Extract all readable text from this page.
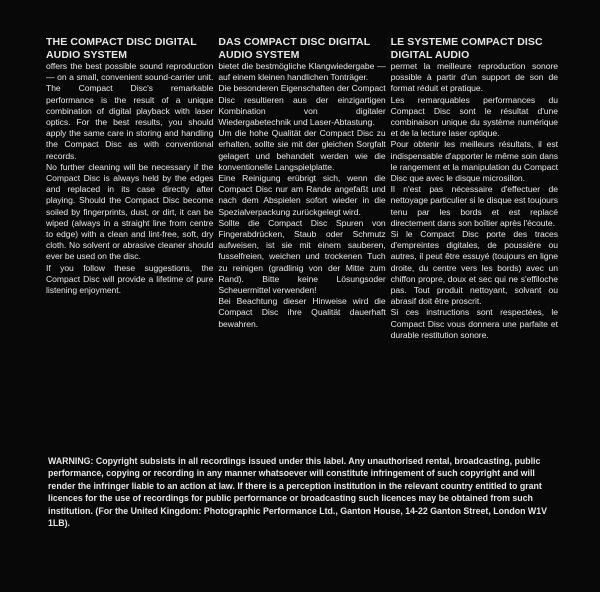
THE COMPACT DISC DIGITAL AUDIO SYSTEM

offers the best possible sound reproduction — on a small, convenient sound-carrier unit. The Compact Disc's remarkable performance is the result of a unique combination of digital playback with laser optics. For the best results, you should apply the same care in storing and handling the Compact Disc as with conventional records.

No further cleaning will be necessary if the Compact Disc is always held by the edges and replaced in its case directly after playing. Should the Compact Disc become soiled by fingerprints, dust, or dirt, it can be wiped (always in a straight line from centre to edge) with a clean and lint-free, soft, dry cloth. No solvent or abrasive cleaner should ever be used on the disc.

If you follow these suggestions, the Compact Disc will provide a lifetime of pure listening enjoyment.

DAS COMPACT DISC DIGITAL AUDIO SYSTEM

bietet die bestmögliche Klangwiedergabe — auf einem kleinen handlichen Tonträger.

Die besonderen Eigenschaften der Compact Disc resultieren aus der einzigartigen Kombination von digitaler Wiedergabetechnik und Laser-Abtastung.

Um die hohe Qualität der Compact Disc zu erhalten, sollte sie mit der gleichen Sorgfalt gelagert und behandelt werden wie die konventionelle Langspielplatte.

Eine Reinigung erübrigt sich, wenn die Compact Disc nur am Rande angefaßt und nach dem Abspielen sofort wieder in die Spezialverpackung zurückgelegt wird.

Sollte die Compact Disc Spuren von Fingerabdrücken, Staub oder Schmutz aufweisen, ist sie mit einem sauberen, fusselfreien, weichen und trockenen Tuch zu reinigen (gradlinig von der Mitte zum Rand). Bitte keine Lösungsoder Scheuermittel verwenden!

Bei Beachtung dieser Hinweise wird die Compact Disc ihre Qualität dauerhaft bewahren.

LE SYSTEME COMPACT DISC DIGITAL AUDIO

permet la meilleure reproduction sonore possible à partir d'un support de son de format réduit et pratique.

Les remarquables performances du Compact Disc sont le résultat d'une combinaison unique du système numérique et de la lecture laser optique.

Pour obtenir les meilleurs résultats, il est indispensable d'apporter le même soin dans le rangement et la manipulation du Compact Disc que avec le disque microsillon.

Il n'est pas nécessaire d'effectuer de nettoyage particulier si le disque est toujours tenu par les bords et est replacé directement dans son boîtier après l'écoute.

Si le Compact Disc porte des traces d'empreintes digitales, de poussière ou autres, il peut être essuyé (toujours en ligne droite, du centre vers les bords) avec un chiffon propre, doux et sec qui ne s'effiloche pas. Tout produit nettoyant, solvant ou abrasif doit être proscrit.

Si ces instructions sont respectées, le Compact Disc vous donnera une parfaite et durable restitution sonore.

WARNING: Copyright subsists in all recordings issued under this label. Any unauthorised rental, broadcasting, public performance, copying or recording in any manner whatsoever will constitute infringement of such copyright and will render the infringer liable to an action at law. If there is a perception institution in the relevant country entitled to grant licences for the use of recordings for public performance or broadcasting such licences may be obtained from such institution. (For the United Kingdom: Photographic Performance Ltd., Ganton House, 14-22 Ganton Street, London W1V 1LB).
